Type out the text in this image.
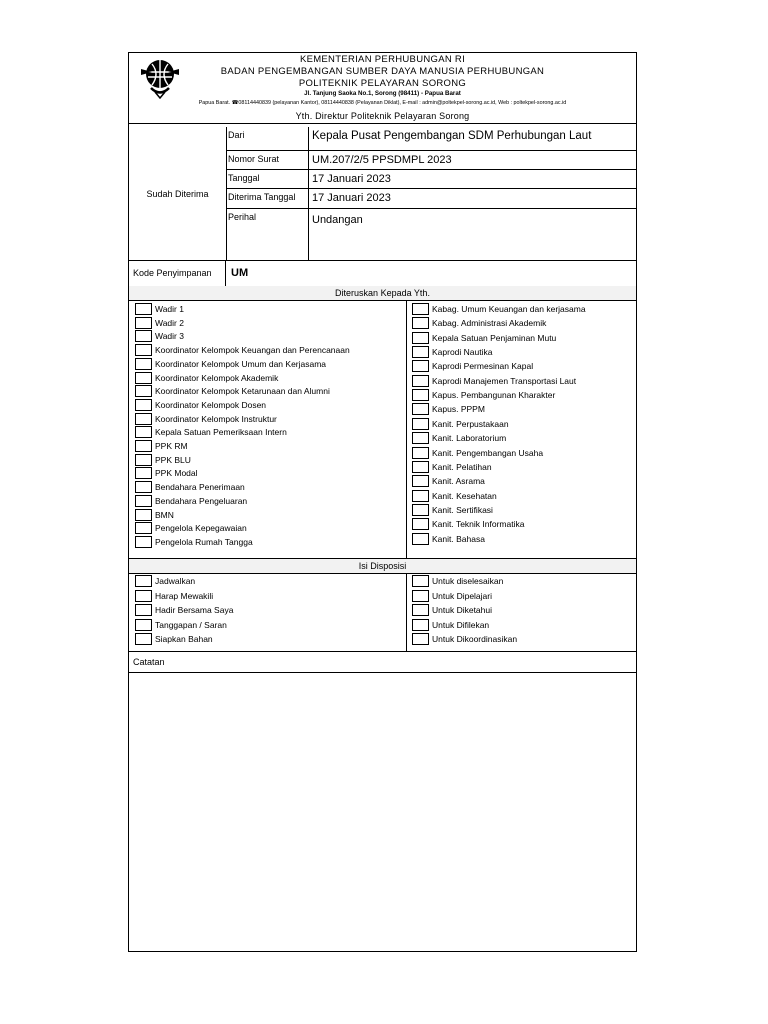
KEMENTERIAN PERHUBUNGAN RI
BADAN PENGEMBANGAN SUMBER DAYA MANUSIA PERHUBUNGAN
POLITEKNIK PELAYARAN SORONG
Jl. Tanjung Saoka No.1, Sorong (98411) - Papua Barat
Papua Barat. ☎08114440839 (pelayanan Kantor), 08114440838 (Pelayanan Diklat), E-mail : admin@poltekpel-sorong.ac.id, Web : poltekpel-sorong.ac.id
Yth. Direktur Politeknik Pelayaran Sorong
Sudah Diterima
Dari	Kepala Pusat Pengembangan SDM Perhubungan Laut
Nomor Surat	UM.207/2/5 PPSDMPL 2023
Tanggal	17 Januari 2023
Diterima Tanggal	17 Januari 2023
Perihal	Undangan
Kode Penyimpanan	UM
Diteruskan Kepada Yth.
Wadir 1
Wadir 2
Wadir 3
Koordinator Kelompok Keuangan dan Perencanaan
Koordinator Kelompok Umum dan Kerjasama
Koordinator Kelompok Akademik
Koordinator Kelompok Ketarunaan dan Alumni
Koordinator Kelompok Dosen
Koordinator Kelompok Instruktur
Kepala Satuan Pemeriksaan Intern
PPK RM
PPK BLU
PPK Modal
Bendahara Penerimaan
Bendahara Pengeluaran
BMN
Pengelola Kepegawaian
Pengelola Rumah Tangga
Kabag. Umum Keuangan dan kerjasama
Kabag. Administrasi Akademik
Kepala Satuan Penjaminan Mutu
Kaprodi Nautika
Kaprodi Permesinan Kapal
Kaprodi Manajemen Transportasi Laut
Kapus. Pembangunan Kharakter
Kapus. PPPM
Kanit. Perpustakaan
Kanit. Laboratorium
Kanit. Pengembangan Usaha
Kanit. Pelatihan
Kanit. Asrama
Kanit. Kesehatan
Kanit. Sertifikasi
Kanit. Teknik Informatika
Kanit. Bahasa
Isi Disposisi
Jadwalkan
Harap Mewakili
Hadir Bersama Saya
Tanggapan / Saran
Siapkan Bahan
Untuk diselesaikan
Untuk Dipelajari
Untuk Diketahui
Untuk Difilekan
Untuk Dikoordinasikan
Catatan
